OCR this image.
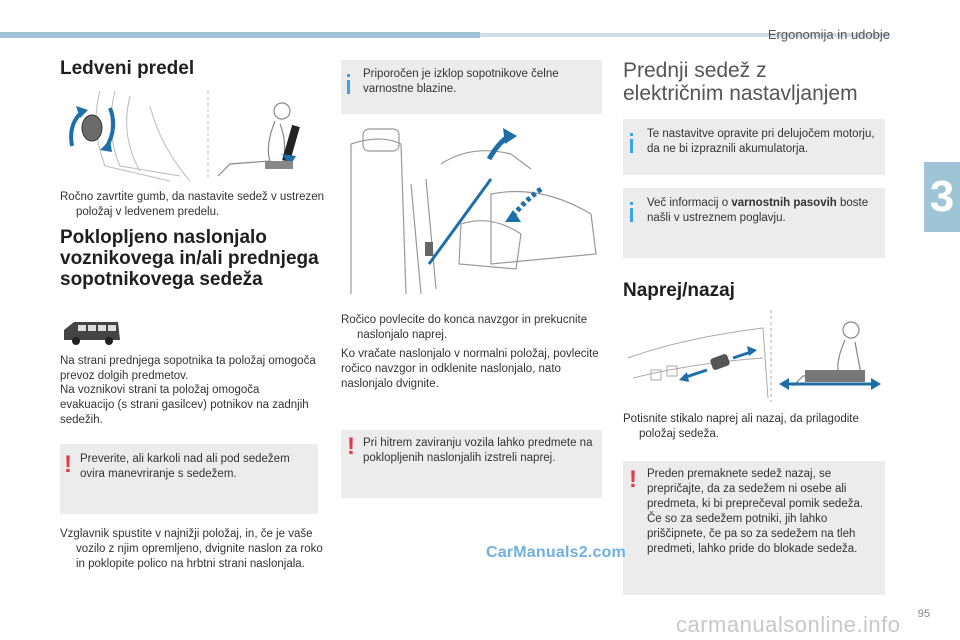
Ergonomija in udobje
3
Ledveni predel

Ročno zavrtite gumb, da nastavite sedež v ustrezen položaj v ledvenem predelu.

Pokloplјeno naslonjalo voznikovega in/ali prednjega sopotnikovega sedeža

Na strani prednjega sopotnika ta položaj omogoča prevoz dolgih predmetov.

Na voznikovi strani ta položaj omogoča evakuacijo (s strani gasilcev) potnikov na zadnjih sedežih.

! Preverite, ali karkoli nad ali pod sedežem ovira manevriranje s sedežem.

Vzglavnik spustite v najnižji položaj, in, če je vaše vozilo z njim opremljeno, dvignite naslon za roko in poklopite polico na hrbtni strani naslonjala.

Priporočen je izklop sopotnikove čelne varnostne blazine.

Ročico povlecite do konca navzgor in prekucnite naslonjalo naprej.

Ko vračate naslonjalo v normalni položaj, povlecite ročico navzgor in odklenite naslonjalo, nato naslonjalo dvignite.

! Pri hitrem zaviranju vozila lahko predmete na poklopljenih naslonjalih izstreli naprej.

Prednji sedež z
električnim nastavljanjem

Te nastavitve opravite pri delujočem motorju, da ne bi izpraznili akumulatorja.

Več informacij o varnostnih pasovih boste našli v ustreznem poglavju.

Naprej/nazaj

Potisnite stikalo naprej ali nazaj, da prilagodite položaj sedeža.

! Preden premaknete sedež nazaj, se prepričajte, da za sedežem ni osebe ali predmeta, ki bi preprečeval pomik sedeža. Če so za sedežem potniki, jih lahko priščipnete, če pa so za sedežem na tleh predmeti, lahko pride do blokade sedeža.

95
CarManuals2.com
carmanualsonline.info
